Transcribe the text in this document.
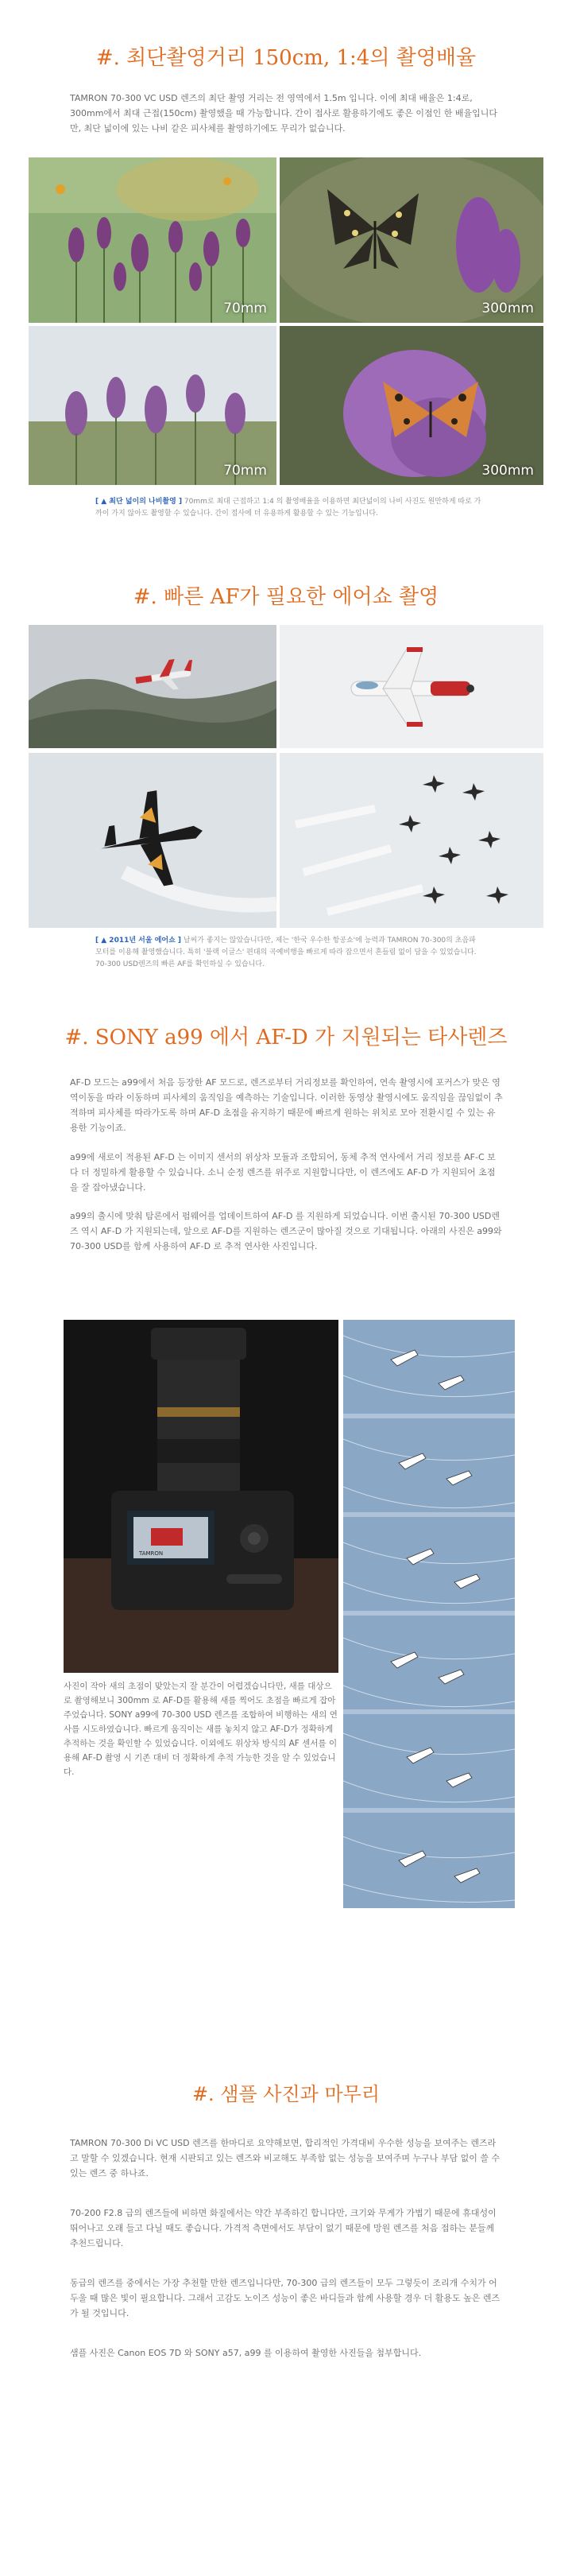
#. 최단촬영거리 150cm, 1:4의 촬영배율

TAMRON 70-300 VC USD 렌즈의 최단 촬영 거리는 전 영역에서 1.5m 입니다. 이에 최대 배율은 1:4로, 300mm에서 최대 근접(150cm) 촬영했을 때 가능합니다. 간이 접사로 활용하기에도 좋은 이점인 한 배율입니다만, 최단 넓이에 있는 나비 같은 피사체를 촬영하기에도 무리가 없습니다.

70mm	300mm
70mm	300mm

[ ▲ 최단 넓이의 나비촬영 ] 70mm로 최대 근접하고 1:4 의 촬영배율을 이용하면 최단넓이의 나비 사진도 원만하게 따로 가까이 가지 않아도 촬영할 수 있습니다. 간이 접사에 더 유용하게 활용할 수 있는 기능입니다.

#. 빠른 AF가 필요한 에어쇼 촬영

[ ▲ 2011년 서울 에어쇼 ] 날씨가 좋지는 않았습니다만, 제는 '한국 우수한 항공쇼'에 능력과 TAMRON 70-300의 초음파 모터를 이용해 촬영했습니다. 특히 '블랙 이글스' 편대의 곡예비행을 빠르게 따라 잡으면서 흔들림 없이 담을 수 있었습니다. 70-300 USD렌즈의 빠른 AF를 확인하실 수 있습니다.

#. SONY a99 에서 AF-D 가 지원되는 타사렌즈

AF-D 모드는 a99에서 처음 등장한 AF 모드로, 렌즈로부터 거리정보를 확인하여, 연속 촬영시에 포커스가 맞은 영역이동을 따라 이동하며 피사체의 움직임을 예측하는 기술입니다. 이러한 동영상 촬영시에도 움직임을 끊임없이 추적하며 피사체를 따라가도록 하며 AF-D 초점을 유지하기 때문에 빠르게 원하는 위치로 모아 전환시킬 수 있는 유용한 기능이죠.

a99에 새로이 적용된 AF-D 는 이미지 센서의 위상차 모듈과 조합되어, 동체 추적 연사에서 거리 정보를 AF-C 보다 더 정밀하게 활용할 수 있습니다. 소니 순정 렌즈를 위주로 지원합니다만, 이 렌즈에도 AF-D 가 지원되어 초점을 잘 잡아냈습니다.

a99의 출시에 맞춰 탐론에서 펌웨어를 업데이트하여 AF-D 를 지원하게 되었습니다. 이번 출시된 70-300 USD렌즈 역시 AF-D 가 지원되는데, 앞으로 AF-D를 지원하는 렌즈군이 많아질 것으로 기대됩니다. 아래의 사진은 a99와 70-300 USD를 함께 사용하여 AF-D 로 추적 연사한 사진입니다.

TAMRON

사진이 작아 새의 초점이 맞았는지 잘 분간이 어렵겠습니다만, 새를 대상으로 촬영해보니 300mm 로 AF-D를 활용해 새를 찍어도 초점을 빠르게 잡아주었습니다. SONY a99에 70-300 USD 렌즈를 조합하여 비행하는 새의 연사를 시도하였습니다. 빠르게 움직이는 새를 놓치지 않고 AF-D가 정확하게 추적하는 것을 확인할 수 있었습니다. 이외에도 위상차 방식의 AF 센서를 이용해 AF-D 촬영 시 기존 대비 더 정확하게 추적 가능한 것을 알 수 있었습니다.

#. 샘플 사진과 마무리

TAMRON 70-300 Di VC USD 렌즈를 한마디로 요약해보면, 합리적인 가격대비 우수한 성능을 보여주는 렌즈라고 말할 수 있겠습니다. 현재 시판되고 있는 렌즈와 비교해도 부족함 없는 성능을 보여주며 누구나 부담 없이 쓸 수 있는 렌즈 중 하나죠.

70-200 F2.8 급의 렌즈들에 비하면 화질에서는 약간 부족하긴 합니다만, 크기와 무게가 가볍기 때문에 휴대성이 뛰어나고 오래 들고 다닐 때도 좋습니다. 가격적 측면에서도 부담이 없기 때문에 망원 렌즈를 처음 접하는 분들께 추천드립니다.

동급의 렌즈를 중에서는 가장 추천할 만한 렌즈입니다만, 70-300 급의 렌즈들이 모두 그렇듯이 조리개 수치가 어두울 때 많은 빛이 필요합니다. 그래서 고감도 노이즈 성능이 좋은 바디들과 함께 사용할 경우 더 활용도 높은 렌즈가 될 것입니다.

샘플 사진은 Canon EOS 7D 와 SONY a57, a99 를 이용하여 촬영한 사진들을 첨부합니다.
